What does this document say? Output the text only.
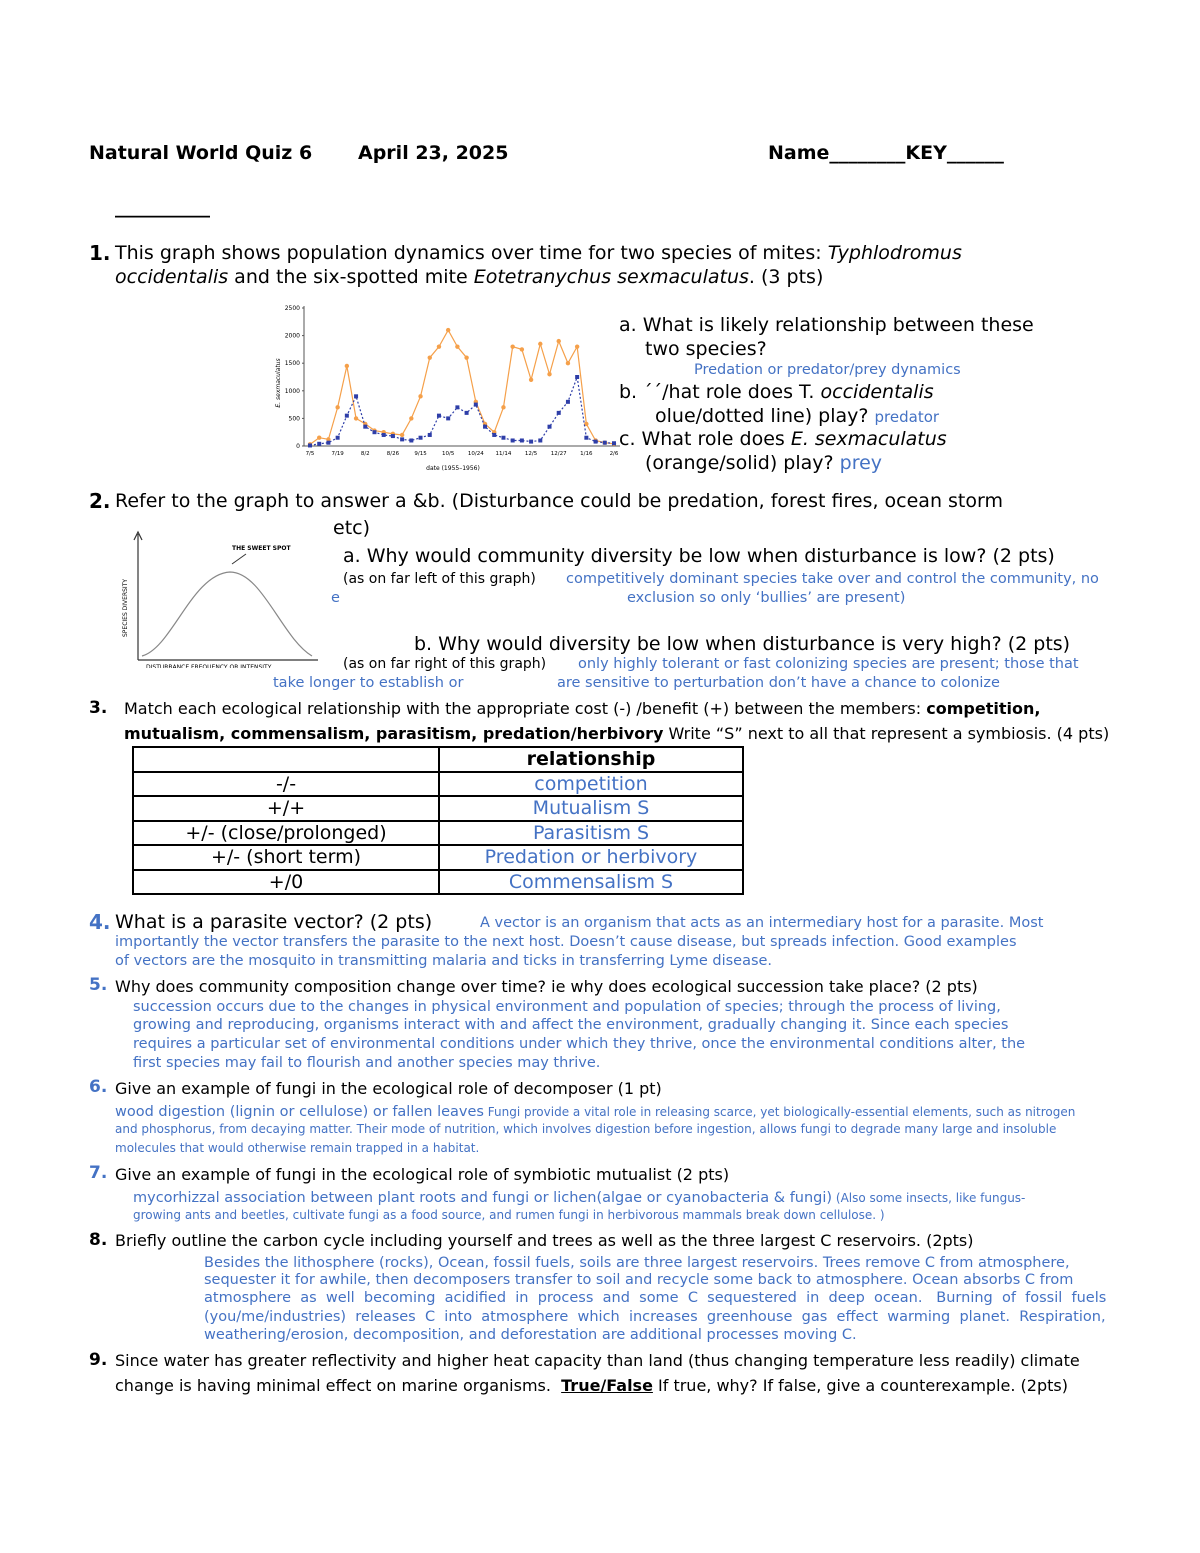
Natural World Quiz 6 April 23, 2025	Name________KEY______
__________
1. This graph shows population dynamics over time for two species of mites: Typhlodromus
occidentalis and the six-spotted mite Eotetranychus sexmaculatus. (3 pts)
E. sexmaculatus
date (1955–1956)
0
500
1000
1500
2000
2500
7/5	7/19	8/2	8/26	9/15	10/5 10/24 11/14 12/5 12/27 1/16	2/6
a. What is likely relationship between these
two species?
Predation or predator/prey dynamics
b. ´´/hat role does T. occidentalis
olue/dotted line) play? predator
c. What role does E. sexmaculatus
(orange/solid) play? prey
2. Refer to the graph to answer a &b. (Disturbance could be predation, forest fires, ocean storm
etc)
THE SWEET SPOT
SPECIES DIVERSITY
DISTURBANCE FREQUENCY OR INTENSITY
a. Why would community diversity be low when disturbance is low? (2 pts)
(as on far left of this graph) competitively dominant species take over and control the community, no
e	exclusion so only ‘bullies’ are present)
b. Why would diversity be low when disturbance is very high? (2 pts)
(as on far right of this graph) only highly tolerant or fast colonizing species are present; those that
take longer to establish or	are sensitive to perturbation don’t have a chance to colonize
3. Match each ecological relationship with the appropriate cost (-) /benefit (+) between the members: competition,
mutualism, commensalism, parasitism, predation/herbivory Write “S” next to all that represent a symbiosis. (4 pts)
	relationship
-/-	competition
+/+	Mutualism S
+/- (close/prolonged)	Parasitism S
+/- (short term)	Predation or herbivory
+/0	Commensalism S
4. What is a parasite vector? (2 pts)	A vector is an organism that acts as an intermediary host for a parasite. Most
importantly the vector transfers the parasite to the next host. Doesn’t cause disease, but spreads infection. Good examples
of vectors are the mosquito in transmitting malaria and ticks in transferring Lyme disease.
5. Why does community composition change over time? ie why does ecological succession take place? (2 pts)
succession occurs due to the changes in physical environment and population of species; through the process of living,
growing and reproducing, organisms interact with and affect the environment, gradually changing it. Since each species
requires a particular set of environmental conditions under which they thrive, once the environmental conditions alter, the
first species may fail to flourish and another species may thrive.
6. Give an example of fungi in the ecological role of decomposer (1 pt)
wood digestion (lignin or cellulose) or fallen leaves Fungi provide a vital role in releasing scarce, yet biologically-essential elements, such as nitrogen
and phosphorus, from decaying matter. Their mode of nutrition, which involves digestion before ingestion, allows fungi to degrade many large and insoluble
molecules that would otherwise remain trapped in a habitat.
7. Give an example of fungi in the ecological role of symbiotic mutualist (2 pts)
mycorhizzal association between plant roots and fungi or lichen(algae or cyanobacteria & fungi) (Also some insects, like fungus-
growing ants and beetles, cultivate fungi as a food source, and rumen fungi in herbivorous mammals break down cellulose. )
8. Briefly outline the carbon cycle including yourself and trees as well as the three largest C reservoirs. (2pts)
Besides the lithosphere (rocks), Ocean, fossil fuels, soils are three largest reservoirs. Trees remove C from atmosphere,
sequester it for awhile, then decomposers transfer to soil and recycle some back to atmosphere. Ocean absorbs C from
atmosphere  as  well  becoming  acidified  in  process  and  some  C  sequestered  in  deep  ocean.   Burning  of  fossil  fuels
(you/me/industries)  releases  C  into  atmosphere  which  increases  greenhouse  gas  effect  warming  planet.  Respiration,
weathering/erosion, decomposition, and deforestation are additional processes moving C.
9. Since water has greater reflectivity and higher heat capacity than land (thus changing temperature less readily) climate
change is having minimal effect on marine organisms.  True/False If true, why? If false, give a counterexample. (2pts)
